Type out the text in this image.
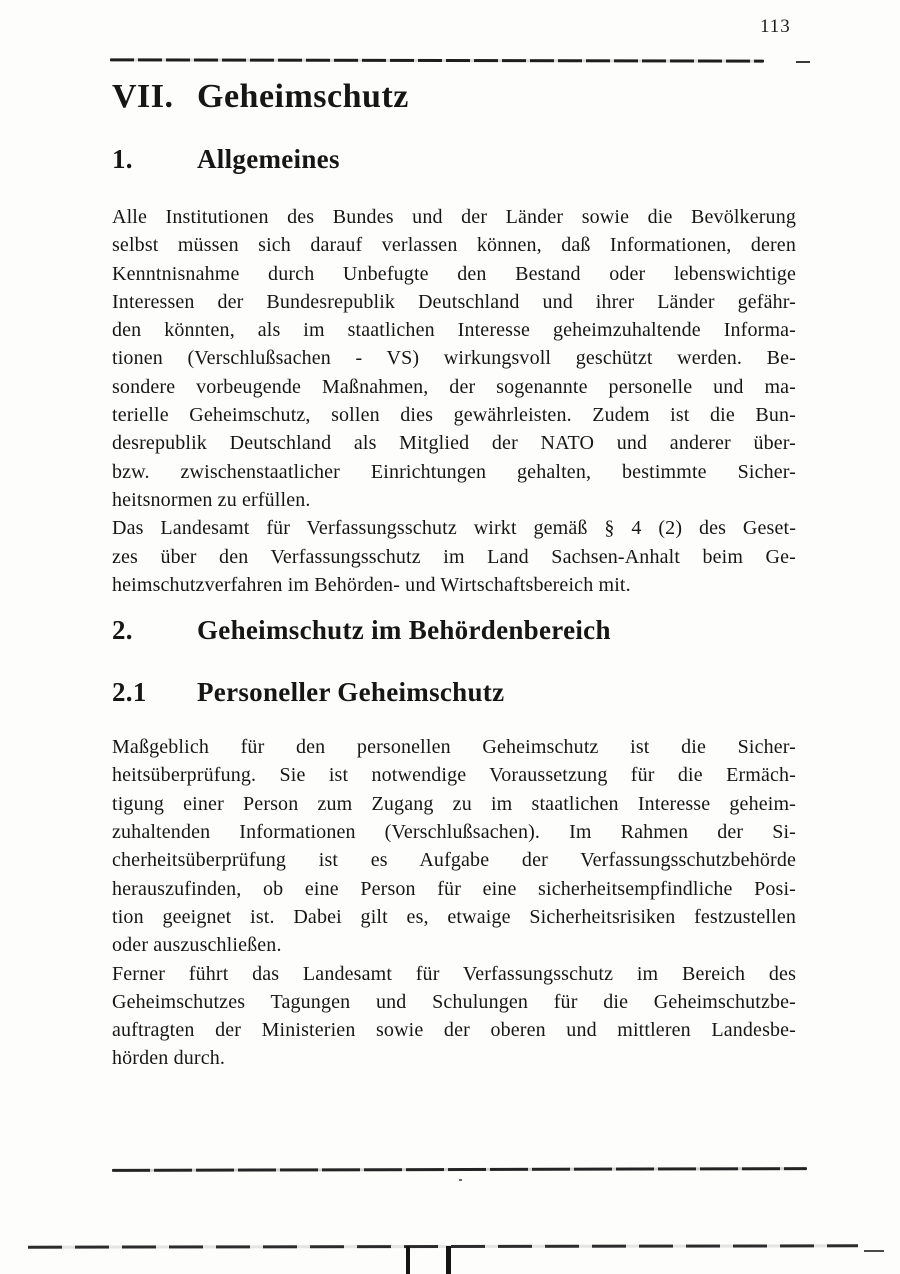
113
VII. Geheimschutz
1. Allgemeines
Alle Institutionen des Bundes und der Länder sowie die Bevölkerung
selbst müssen sich darauf verlassen können, daß Informationen, deren
Kenntnisnahme durch Unbefugte den Bestand oder lebenswichtige
Interessen der Bundesrepublik Deutschland und ihrer Länder gefähr-
den könnten, als im staatlichen Interesse geheimzuhaltende Informa-
tionen (Verschlußsachen - VS) wirkungsvoll geschützt werden. Be-
sondere vorbeugende Maßnahmen, der sogenannte personelle und ma-
terielle Geheimschutz, sollen dies gewährleisten. Zudem ist die Bun-
desrepublik Deutschland als Mitglied der NATO und anderer über-
bzw. zwischenstaatlicher Einrichtungen gehalten, bestimmte Sicher-
heitsnormen zu erfüllen.
Das Landesamt für Verfassungsschutz wirkt gemäß § 4 (2) des Geset-
zes über den Verfassungsschutz im Land Sachsen-Anhalt beim Ge-
heimschutzverfahren im Behörden- und Wirtschaftsbereich mit.
2. Geheimschutz im Behördenbereich
2.1 Personeller Geheimschutz
Maßgeblich für den personellen Geheimschutz ist die Sicher-
heitsüberprüfung. Sie ist notwendige Voraussetzung für die Ermäch-
tigung einer Person zum Zugang zu im staatlichen Interesse geheim-
zuhaltenden Informationen (Verschlußsachen). Im Rahmen der Si-
cherheitsüberprüfung ist es Aufgabe der Verfassungsschutzbehörde
herauszufinden, ob eine Person für eine sicherheitsempfindliche Posi-
tion geeignet ist. Dabei gilt es, etwaige Sicherheitsrisiken festzustellen
oder auszuschließen.
Ferner führt das Landesamt für Verfassungsschutz im Bereich des
Geheimschutzes Tagungen und Schulungen für die Geheimschutzbe-
auftragten der Ministerien sowie der oberen und mittleren Landesbe-
hörden durch.
